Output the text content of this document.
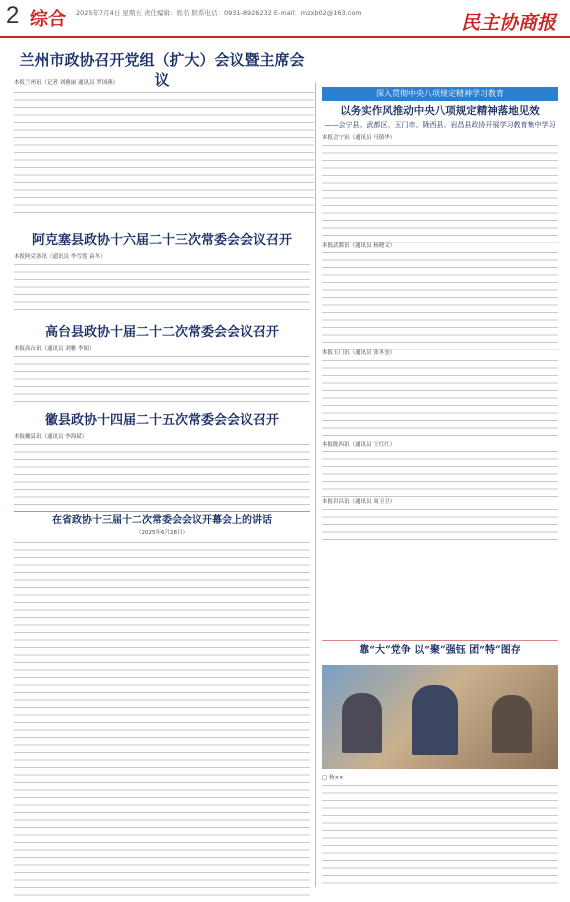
2 综合 2025年7月4日 星期五 责任编辑：姓名 联系电话：0931-8926232 E-mail：mzxb02@163.com	民主协商报
兰州市政协召开党组（扩大）会议暨主席会议

本报兰州讯（记者 刘雅丽 通讯员 罗国燕）

阿克塞县政协十六届二十三次常委会会议召开

本报阿克塞讯（通讯员 李雪莲 袁冬）

高台县政协十届二十二次常委会会议召开

本报高台讯（通讯员 刘雅 李娟）

徽县政协十四届二十五次常委会会议召开

本报徽县讯（通讯员 李海斌）

在省政协十三届十二次常委会会议开幕会上的讲话

（2025年6月28日）

深入贯彻中央八项规定精神学习教育
以务实作风推动中央八项规定精神落地见效
——会宁县、武都区、玉门市、陇西县、岩昌县政协开展学习教育集中学习

本报会宁讯（通讯员 马镇华）

本报武都讯（通讯员 杨晓文）

本报玉门讯（通讯员 张冬奎）

本报陇西讯（通讯员 王红红）

本报岩昌讯（通讯员 周卫卫）

靠“大”党争 以“聚”强钰 团“特”图存

□ 杨××
